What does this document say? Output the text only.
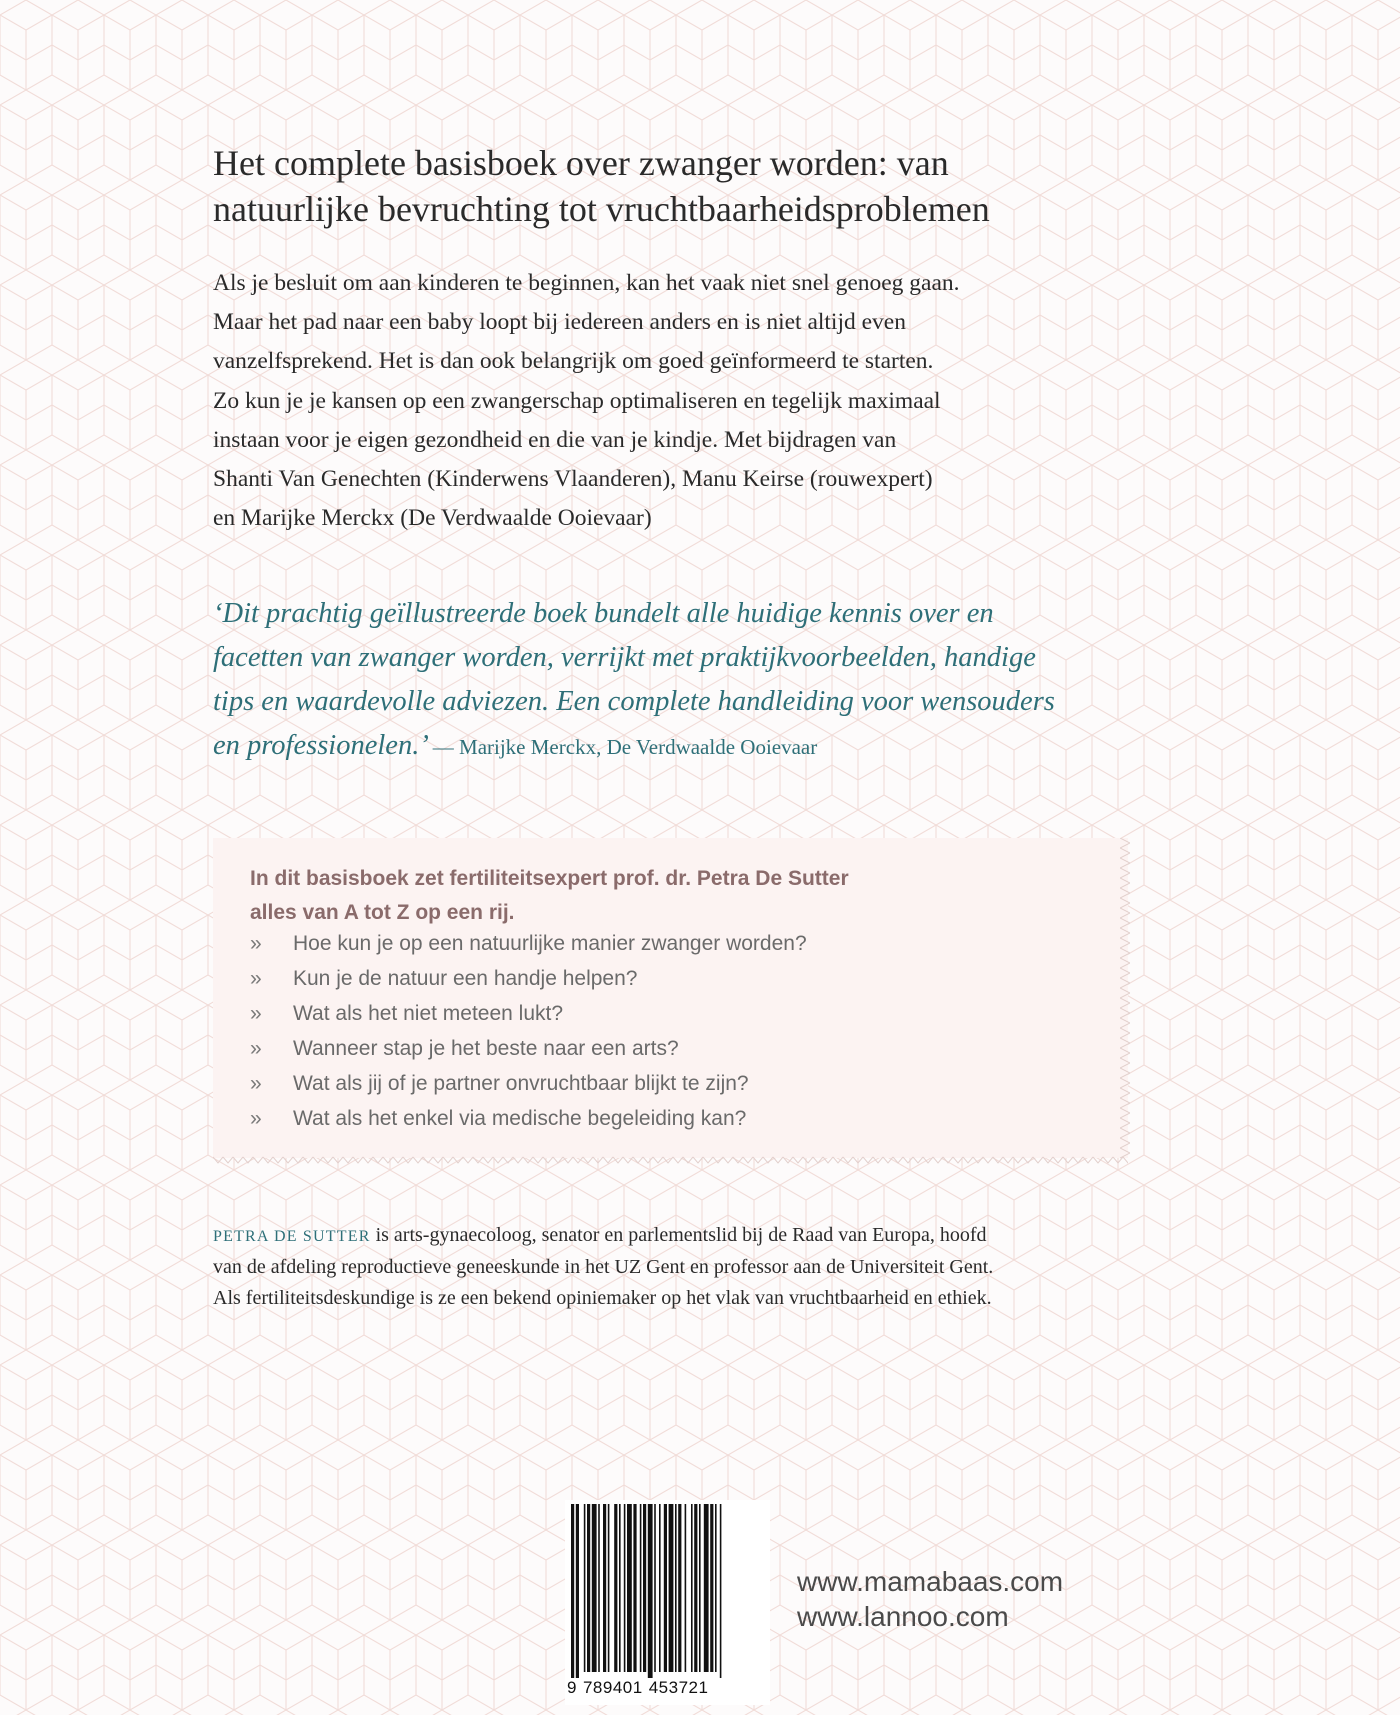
Het complete basisboek over zwanger worden: van
natuurlijke bevruchting tot vruchtbaarheidsproblemen

Als je besluit om aan kinderen te beginnen, kan het vaak niet snel genoeg gaan.
Maar het pad naar een baby loopt bij iedereen anders en is niet altijd even
vanzelfsprekend. Het is dan ook belangrijk om goed geïnformeerd te starten.
Zo kun je je kansen op een zwangerschap optimaliseren en tegelijk maximaal
instaan voor je eigen gezondheid en die van je kindje. Met bijdragen van
Shanti Van Genechten (Kinderwens Vlaanderen), Manu Keirse (rouwexpert)
en Marijke Merckx (De Verdwaalde Ooievaar)

‘Dit prachtig geïllustreerde boek bundelt alle huidige kennis over en
facetten van zwanger worden, verrijkt met praktijkvoorbeelden, handige
tips en waardevolle adviezen. Een complete handleiding voor wensouders
en professionelen.’ — Marijke Merckx, De Verdwaalde Ooievaar

In dit basisboek zet fertiliteitsexpert prof. dr. Petra De Sutter
alles van A tot Z op een rij.

»	Hoe kun je op een natuurlijke manier zwanger worden?
»	Kun je de natuur een handje helpen?
»	Wat als het niet meteen lukt?
»	Wanneer stap je het beste naar een arts?
»	Wat als jij of je partner onvruchtbaar blijkt te zijn?
»	Wat als het enkel via medische begeleiding kan?

PETRA DE SUTTER is arts-gynaecoloog, senator en parlementslid bij de Raad van Europa, hoofd
van de afdeling reproductieve geneeskunde in het UZ Gent en professor aan de Universiteit Gent.
Als fertiliteitsdeskundige is ze een bekend opiniemaker op het vlak van vruchtbaarheid en ethiek.

9 789401 453721

www.mamabaas.com
www.lannoo.com
